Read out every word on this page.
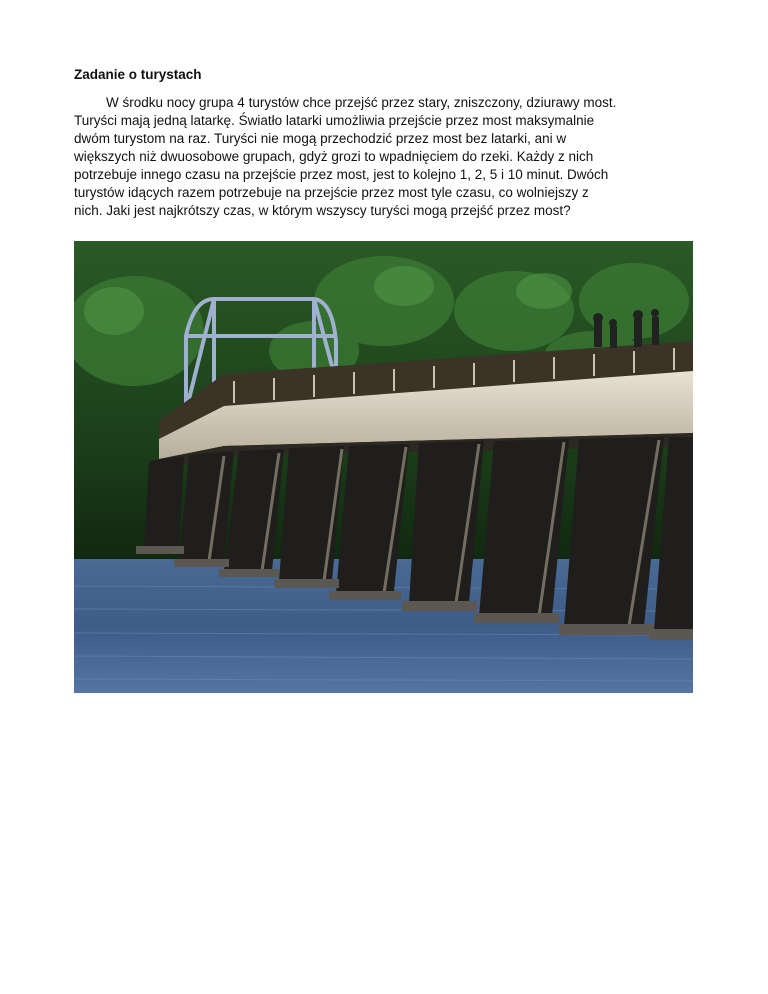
Zadanie o turystach

W środku nocy grupa 4 turystów chce przejść przez stary, zniszczony, dziurawy most.
Turyści mają jedną latarkę. Światło latarki umożliwia przejście przez most maksymalnie
dwóm turystom na raz. Turyści nie mogą przechodzić przez most bez latarki, ani w
większych niż dwuosobowe grupach, gdyż grozi to wpadnięciem do rzeki. Każdy z nich
potrzebuje innego czasu na przejście przez most, jest to kolejno 1, 2, 5 i 10 minut. Dwóch
turystów idących razem potrzebuje na przejście przez most tyle czasu, co wolniejszy z
nich. Jaki jest najkrótszy czas, w którym wszyscy turyści mogą przejść przez most?
